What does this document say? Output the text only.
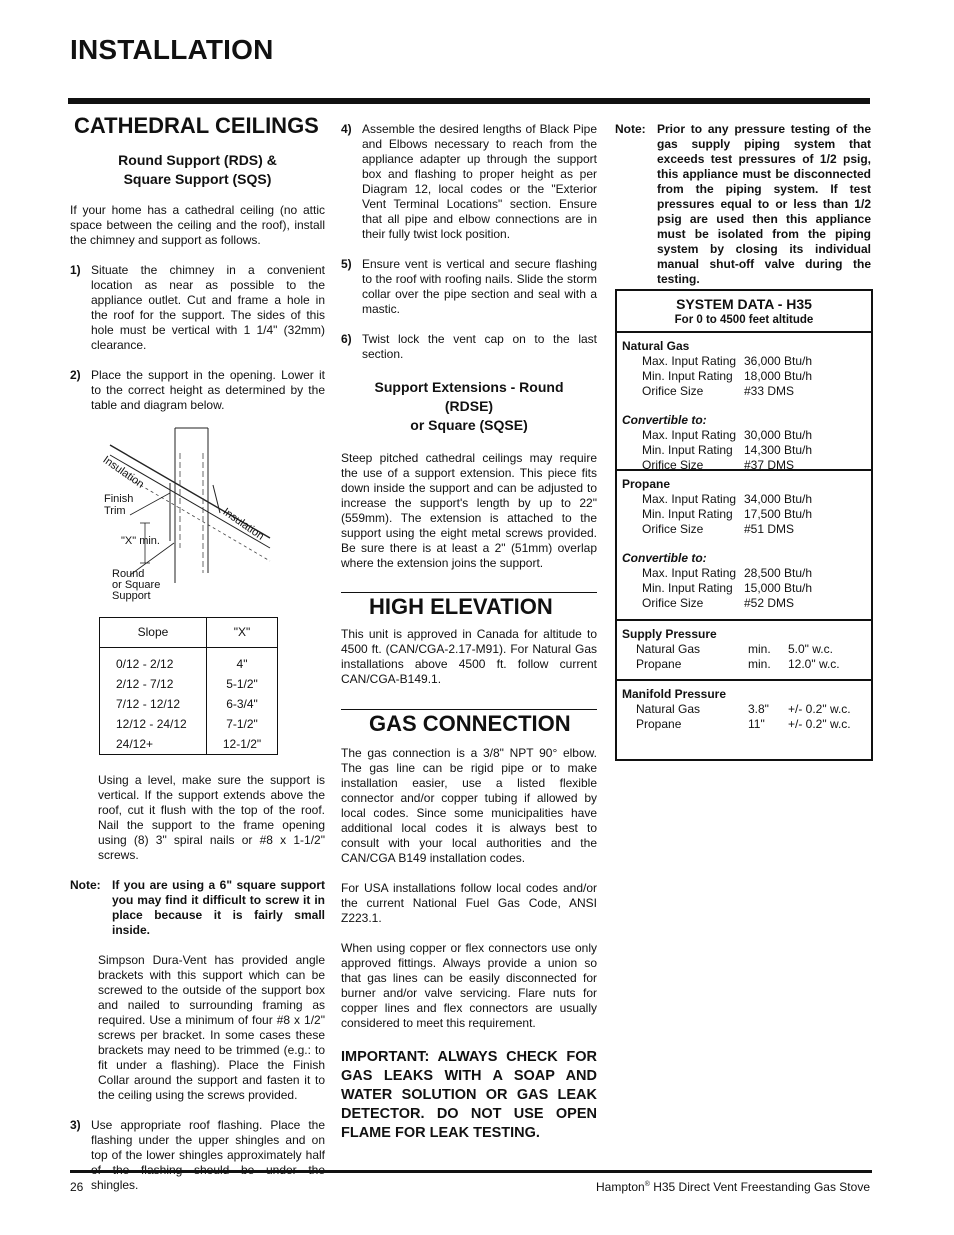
INSTALLATION
CATHEDRAL CEILINGS
Round Support (RDS) &
Square Support (SQS)

If your home has a cathedral ceiling (no attic space between the ceiling and the roof), install the chimney and support as follows.

1) Situate the chimney in a convenient location as near as possible to the appliance outlet. Cut and frame a hole in the roof for the support. The sides of this hole must be vertical with 1 1/4" (32mm) clearance.
2) Place the support in the opening. Lower it to the correct height as determined by the table and diagram below.
Insulation
Insulation
Finish
Trim
"X" min.
Round
or Square
Support
Slope	"X"
0/12 - 2/12	4"
2/12 - 7/12	5-1/2"
7/12 - 12/12	6-3/4"
12/12 - 24/12	7-1/2"
24/12+	12-1/2"

Using a level, make sure the support is vertical. If the support extends above the roof, cut it flush with the top of the roof. Nail the support to the frame opening using (8) 3" spiral nails or #8 x 1-1/2" screws.

Note: If you are using a 6" square support you may find it difficult to screw it in place because it is fairly small inside.

Simpson Dura-Vent has provided angle brackets with this support which can be screwed to the outside of the support box and nailed to surrounding framing as required. Use a minimum of four #8 x 1/2" screws per bracket. In some cases these brackets may need to be trimmed (e.g.: to fit under a flashing). Place the Finish Collar around the support and fasten it to the ceiling using the screws provided.

3) Use appropriate roof flashing. Place the flashing under the upper shingles and on top of the lower shingles approximately half shingles.
4) Assemble the desired lengths of Black Pipe and Elbows necessary to reach from the appliance adapter up through the support box and flashing to proper height as per Diagram 12, local codes or the "Exterior Vent Terminal Locations" section. Ensure that all pipe and elbow connections are in their fully twist lock position.
5) Ensure vent is vertical and secure flashing to the roof with roofing nails. Slide the storm collar over the pipe section and seal with a mastic.
6) Twist lock the vent cap on to the last section.
Support Extensions - Round
(RDSE)
or Square (SQSE)

Steep pitched cathedral ceilings may require the use of a support extension. This piece fits down inside the support and can be adjusted to increase the support's length by up to 22" (559mm). The extension is attached to the support using the eight metal screws provided. Be sure there is at least a 2" (51mm) overlap where the extension joins the support.

HIGH ELEVATION

This unit is approved in Canada for altitude to 4500 ft. (CAN/CGA-2.17-M91). For Natural Gas installations above 4500 ft. follow current CAN/CGA-B149.1.

GAS CONNECTION

The gas connection is a 3/8" NPT 90° elbow. The gas line can be rigid pipe or to make installation easier, use a listed flexible connector and/or copper tubing if allowed by local codes. Since some municipalities have additional local codes it is always best to consult with your local authorities and the CAN/CGA B149 installation codes.

For USA installations follow local codes and/or the current National Fuel Gas Code, ANSI Z223.1.

When using copper or flex connectors use only approved fittings. Always provide a union so that gas lines can be easily disconnected for burner and/or valve servicing. Flare nuts for copper lines and flex connectors are usually considered to meet this requirement.

IMPORTANT: ALWAYS CHECK FOR GAS LEAKS WITH A SOAP AND WATER SOLUTION OR GAS LEAK DETECTOR. DO NOT USE OPEN FLAME FOR LEAK TESTING.
Note: Prior to any pressure testing of the gas supply piping system that exceeds test pressures of 1/2 psig, this appliance must be disconnected from the piping system. If test pressures equal to or less than 1/2 psig are used then this appliance must be isolated from the piping system by closing its individual manual shut-off valve during the testing.
SYSTEM DATA - H35
For 0 to 4500 feet altitude
Natural Gas
Max. Input Rating 36,000 Btu/h
Min. Input Rating 18,000 Btu/h
Orifice Size	#33 DMS
Convertible to:
Max. Input Rating 30,000 Btu/h
Min. Input Rating 14,300 Btu/h
Orifice Size	#37 DMS
Propane
Max. Input Rating 34,000 Btu/h
Min. Input Rating 17,500 Btu/h
Orifice Size	#51 DMS
Convertible to:
Max. Input Rating 28,500 Btu/h
Min. Input Rating 15,000 Btu/h
Orifice Size	#52 DMS
Supply Pressure
Natural Gas	min.	5.0" w.c.
Propane	min.	12.0" w.c.
Manifold Pressure
Natural Gas	3.8"	+/- 0.2" w.c.
Propane	11"	+/- 0.2" w.c.
26	Hampton® H35 Direct Vent Freestanding Gas Stove
